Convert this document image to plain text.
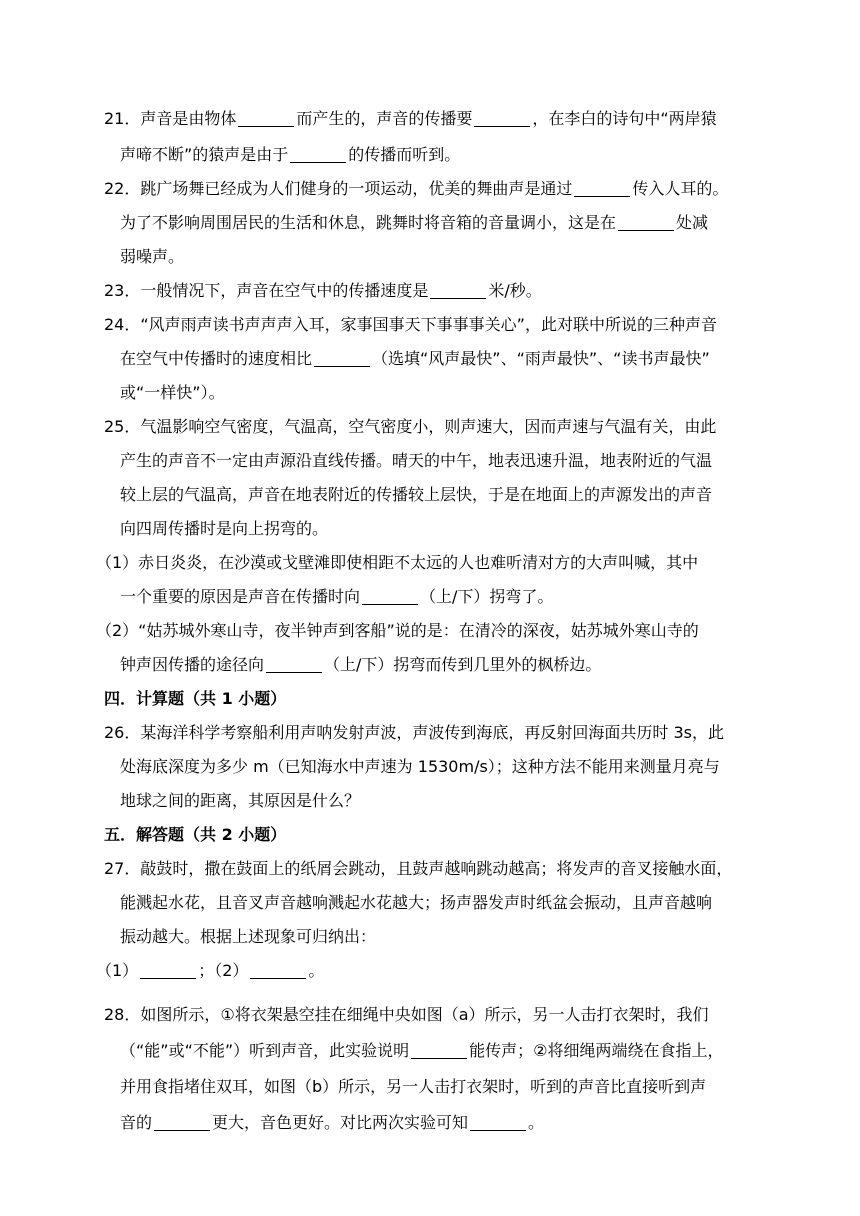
21．声音是由物体	而产生的，声音的传播要	，在李白的诗句中“两岸猿
声啼不断”的猿声是由于	的传播而听到。
22．跳广场舞已经成为人们健身的一项运动，优美的舞曲声是通过	传入人耳的。
为了不影响周围居民的生活和休息，跳舞时将音箱的音量调小，这是在	处减
弱噪声。
23．一般情况下，声音在空气中的传播速度是	米/秒。
24．“风声雨声读书声声声入耳，家事国事天下事事事关心”，此对联中所说的三种声音
在空气中传播时的速度相比	（选填“风声最快”、“雨声最快”、“读书声最快”
或“一样快”）。
25．气温影响空气密度，气温高，空气密度小，则声速大，因而声速与气温有关，由此
产生的声音不一定由声源沿直线传播。晴天的中午，地表迅速升温，地表附近的气温
较上层的气温高，声音在地表附近的传播较上层快，于是在地面上的声源发出的声音
向四周传播时是向上拐弯的。
（1）赤日炎炎，在沙漠或戈壁滩即使相距不太远的人也难听清对方的大声叫喊，其中
一个重要的原因是声音在传播时向	（上/下）拐弯了。
（2）“姑苏城外寒山寺，夜半钟声到客船”说的是：在清冷的深夜，姑苏城外寒山寺的
钟声因传播的途径向	（上/下）拐弯而传到几里外的枫桥边。
四．计算题（共 1 小题）
26．某海洋科学考察船利用声呐发射声波，声波传到海底，再反射回海面共历时 3s，此
处海底深度为多少 m（已知海水中声速为 1530m/s）；这种方法不能用来测量月亮与
地球之间的距离，其原因是什么？
五．解答题（共 2 小题）
27．敲鼓时，撒在鼓面上的纸屑会跳动，且鼓声越响跳动越高；将发声的音叉接触水面，
能溅起水花，且音叉声音越响溅起水花越大；扬声器发声时纸盆会振动，且声音越响
振动越大。根据上述现象可归纳出：
（1）	；（2）	。
28．如图所示，①将衣架悬空挂在细绳中央如图（a）所示，另一人击打衣架时，我们
（“能”或“不能”）听到声音，此实验说明	能传声；②将细绳两端绕在食指上，
并用食指堵住双耳，如图（b）所示，另一人击打衣架时，听到的声音比直接听到声
音的	更大，音色更好。对比两次实验可知	。
